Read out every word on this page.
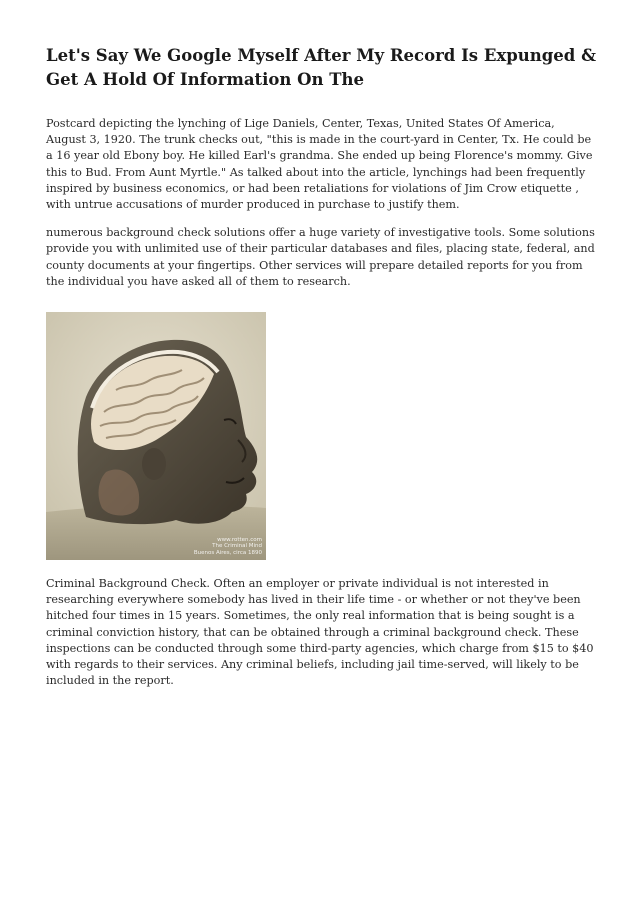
Let's Say We Google Myself After My Record Is Expunged & Get A Hold Of Information On The

Postcard depicting the lynching of Lige Daniels, Center, Texas, United States Of America, August 3, 1920. The trunk checks out, "this is made in the court-yard in Center, Tx. He could be a 16 year old Ebony boy. He killed Earl's grandma. She ended up being Florence's mommy. Give this to Bud. From Aunt Myrtle." As talked about into the article, lynchings had been frequently inspired by business economics, or had been retaliations for violations of Jim Crow etiquette , with untrue accusations of murder produced in purchase to justify them.

numerous background check solutions offer a huge variety of investigative tools. Some solutions provide you with unlimited use of their particular databases and files, placing state, federal, and county documents at your fingertips. Other services will prepare detailed reports for you from the individual you have asked all of them to research.

www.rotten.com
The Criminal Mind
Buenos Aires, circa 1890

Criminal Background Check. Often an employer or private individual is not interested in researching everywhere somebody has lived in their life time - or whether or not they've been hitched four times in 15 years. Sometimes, the only real information that is being sought is a criminal conviction history, that can be obtained through a criminal background check. These inspections can be conducted through some third-party agencies, which charge from $15 to $40 with regards to their services. Any criminal beliefs, including jail time-served, will likely to be included in the report.
